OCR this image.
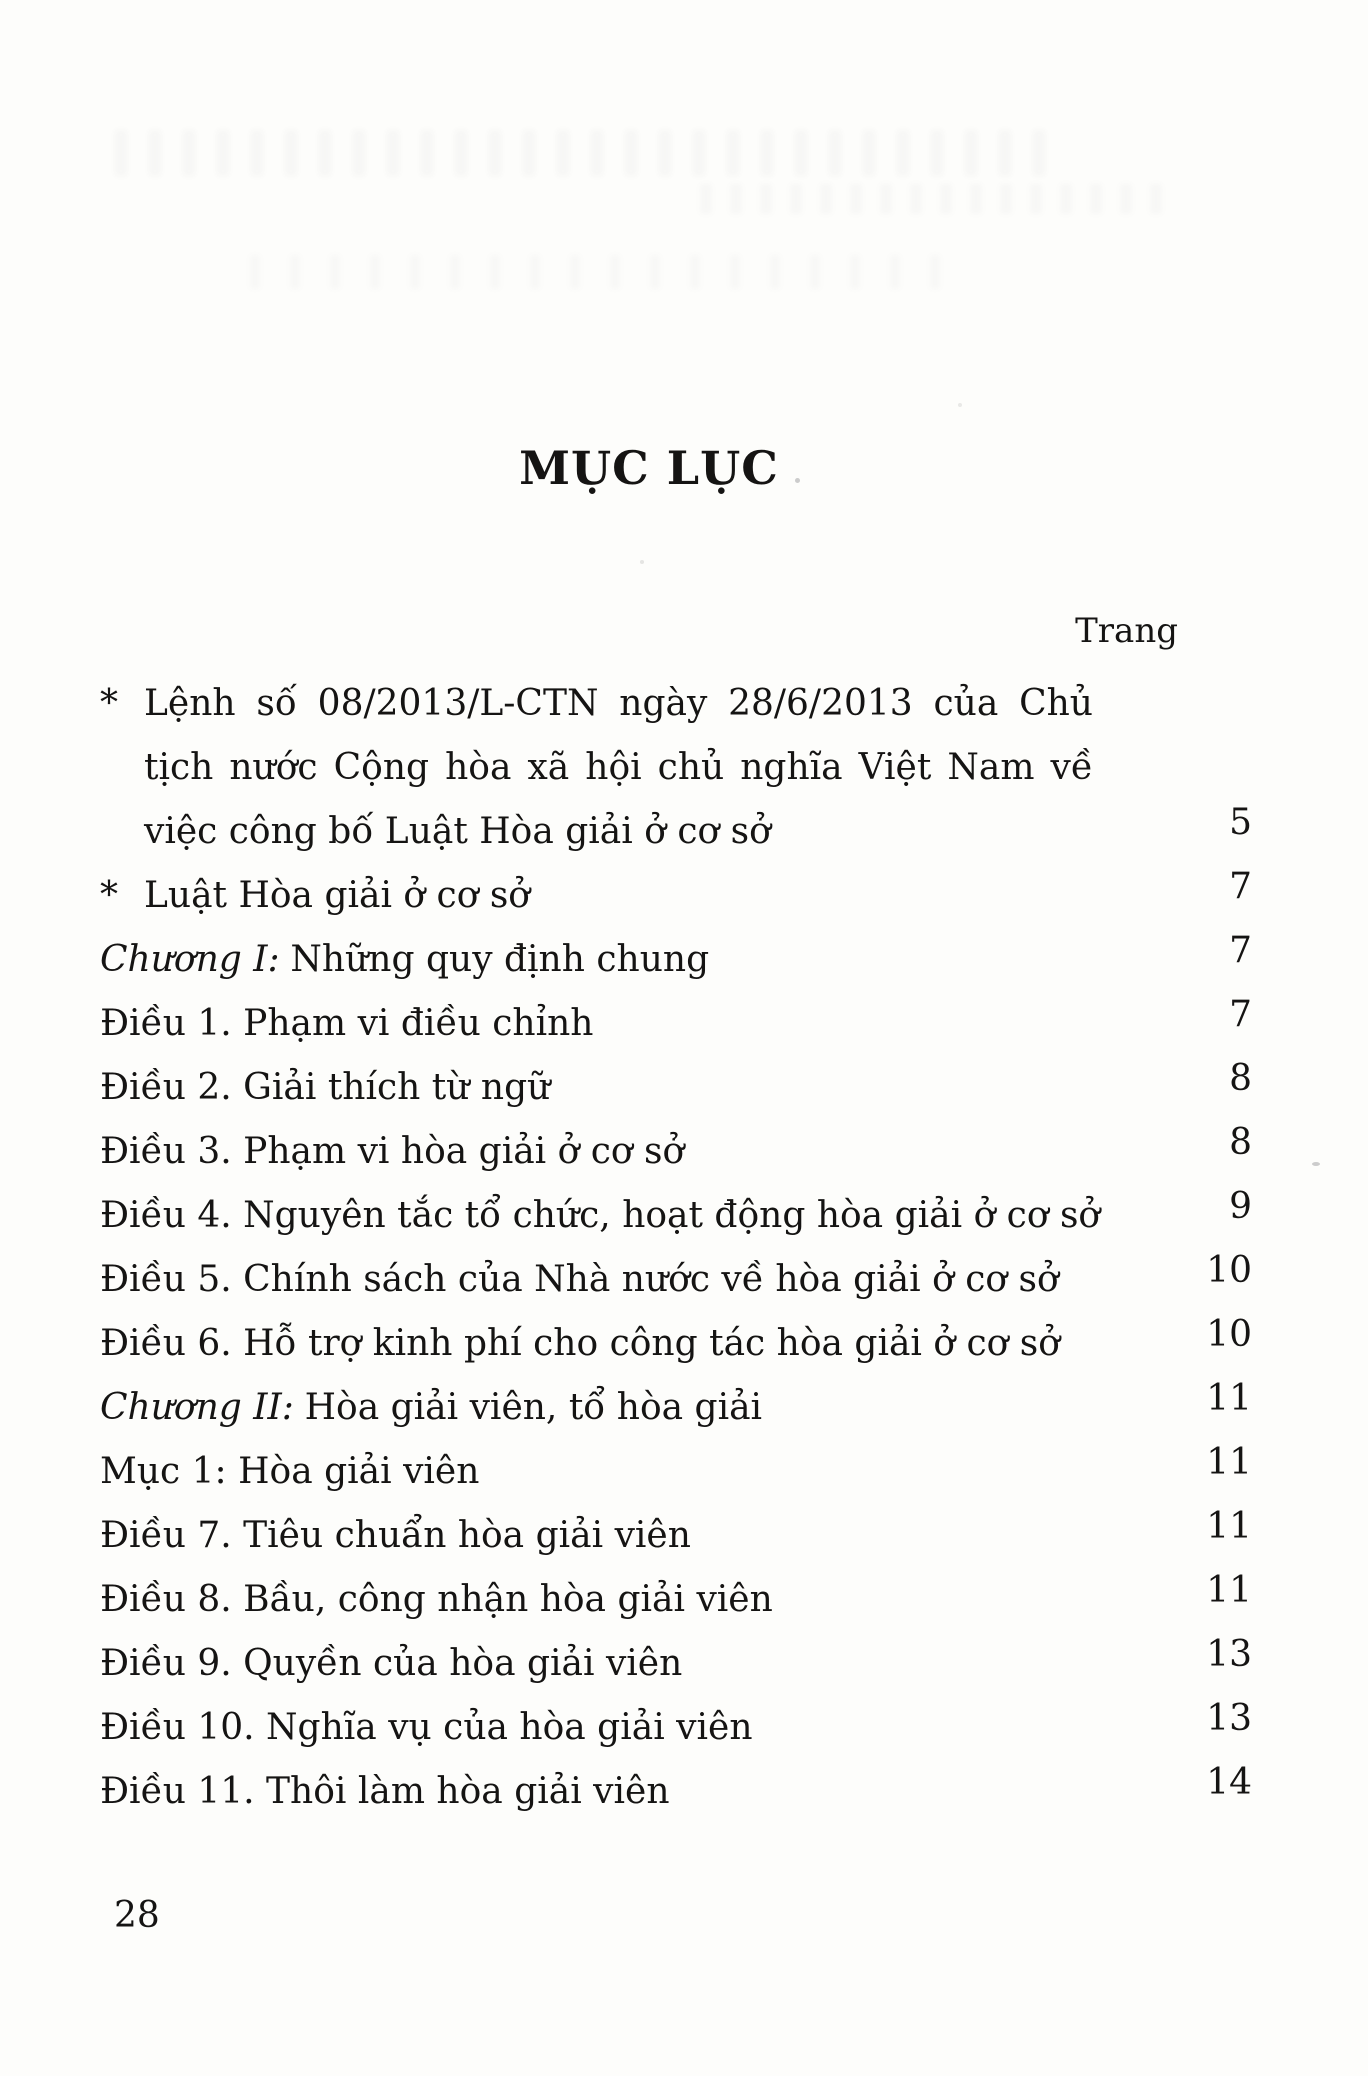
MỤC LỤC
Trang
* Lệnh số 08/2013/L-CTN ngày 28/6/2013 của Chủ tịch nước Cộng hòa xã hội chủ nghĩa Việt Nam về việc công bố Luật Hòa giải ở cơ sở	5
* Luật Hòa giải ở cơ sở	7
Chương I: Những quy định chung	7
Điều 1. Phạm vi điều chỉnh	7
Điều 2. Giải thích từ ngữ	8
Điều 3. Phạm vi hòa giải ở cơ sở	8
Điều 4. Nguyên tắc tổ chức, hoạt động hòa giải ở cơ sở	9
Điều 5. Chính sách của Nhà nước về hòa giải ở cơ sở	10
Điều 6. Hỗ trợ kinh phí cho công tác hòa giải ở cơ sở	10
Chương II: Hòa giải viên, tổ hòa giải	11
Mục 1: Hòa giải viên	11
Điều 7. Tiêu chuẩn hòa giải viên	11
Điều 8. Bầu, công nhận hòa giải viên	11
Điều 9. Quyền của hòa giải viên	13
Điều 10. Nghĩa vụ của hòa giải viên	13
Điều 11. Thôi làm hòa giải viên	14
28
